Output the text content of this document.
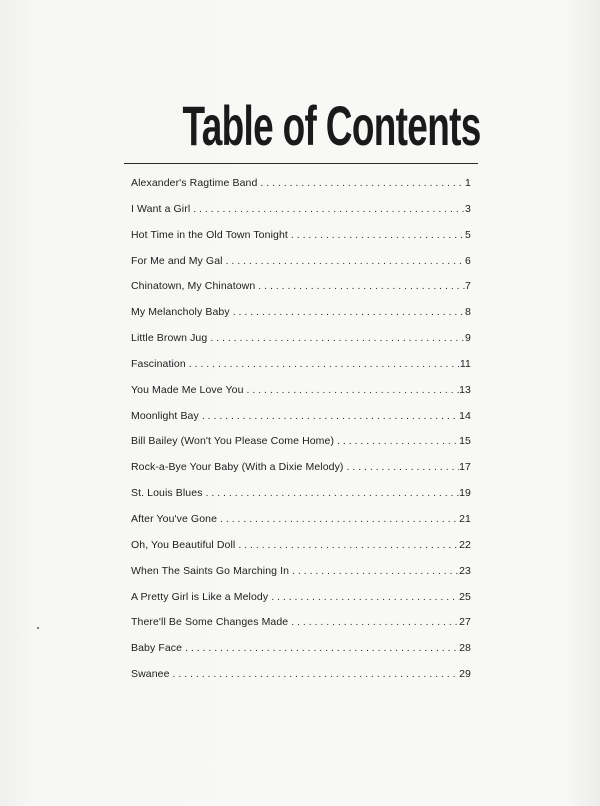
Table of Contents
Alexander's Ragtime Band . . .	1
I Want a Girl . . .	3
Hot Time in the Old Town Tonight . . .	5
For Me and My Gal . . .	6
Chinatown, My Chinatown . . .	7
My Melancholy Baby . . .	8
Little Brown Jug . . .	9
Fascination . . .	11
You Made Me Love You . . .	13
Moonlight Bay . . .	14
Bill Bailey (Won't You Please Come Home) . . .	15
Rock-a-Bye Your Baby (With a Dixie Melody) . . .	17
St. Louis Blues . . .	19
After You've Gone . . .	21
Oh, You Beautiful Doll . . .	22
When The Saints Go Marching In . . .	23
A Pretty Girl is Like a Melody . . .	25
There'll Be Some Changes Made . . .	27
Baby Face . . .	28
Swanee . . .	29
